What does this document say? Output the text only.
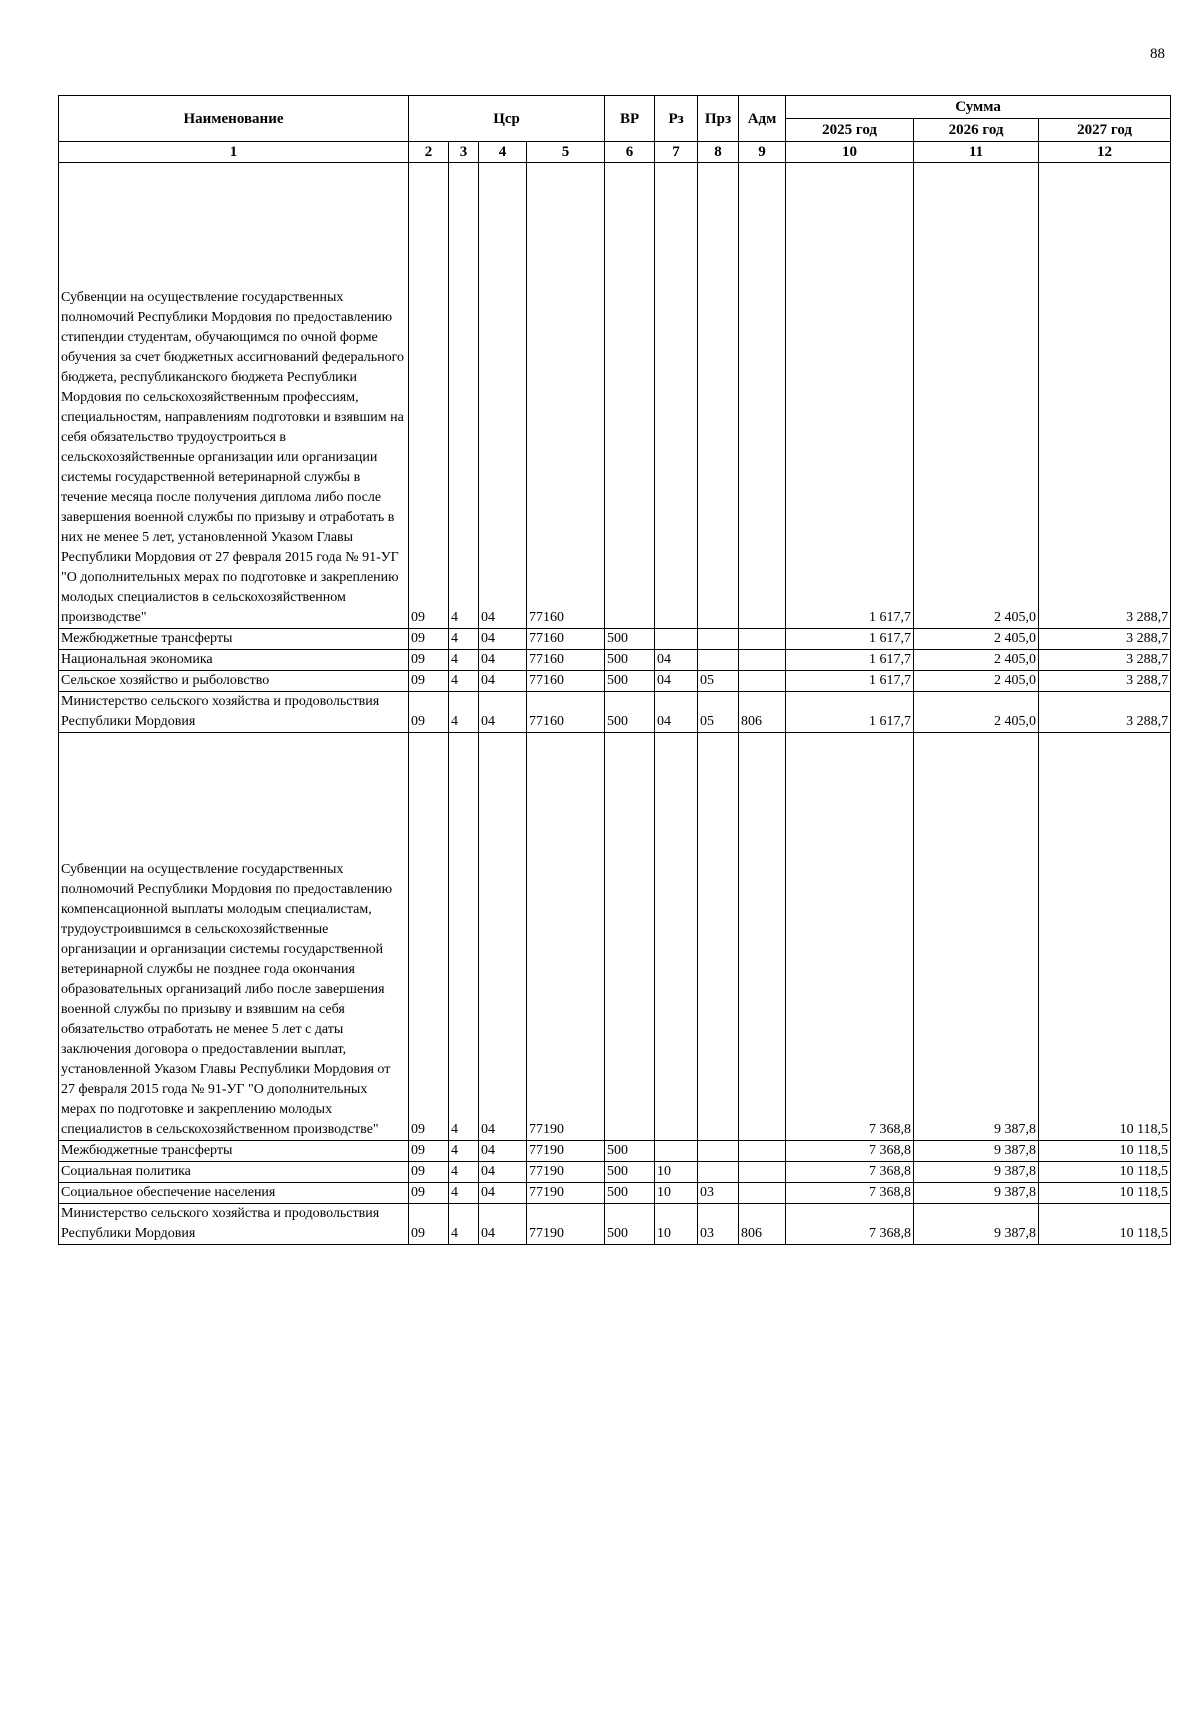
88
Наименование	Цср				ВР	Рз	Прз	Адм	Сумма		
									2025 год	2026 год	2027 год
1	2	3	4	5	6	7	8	9	10	11	12
Субвенции на осуществление государственных полномочий Республики Мордовия по предоставлению стипендии студентам, обучающимся по очной форме обучения за счет бюджетных ассигнований федерального бюджета, республиканского бюджета Республики Мордовия по сельскохозяйственным профессиям, специальностям, направлениям подготовки и взявшим на себя обязательство трудоустроиться в сельскохозяйственные организации или организации системы государственной ветеринарной службы в течение месяца после получения диплома либо после завершения военной службы по призыву и отработать в них не менее 5 лет, установленной Указом Главы Республики Мордовия от 27 февраля 2015 года № 91-УГ "О дополнительных мерах по подготовке и закреплению молодых специалистов в сельскохозяйственном производстве"	09	4	04	77160					1 617,7	2 405,0	3 288,7
Межбюджетные трансферты	09	4	04	77160	500				1 617,7	2 405,0	3 288,7
Национальная экономика	09	4	04	77160	500	04			1 617,7	2 405,0	3 288,7
Сельское хозяйство и рыболовство	09	4	04	77160	500	04	05		1 617,7	2 405,0	3 288,7
Министерство сельского хозяйства и продовольствия Республики Мордовия	09	4	04	77160	500	04	05	806	1 617,7	2 405,0	3 288,7
Субвенции на осуществление государственных полномочий Республики Мордовия по предоставлению компенсационной выплаты молодым специалистам, трудоустроившимся в сельскохозяйственные организации и организации системы государственной ветеринарной службы не позднее года окончания образовательных организаций либо после завершения военной службы по призыву и взявшим на себя обязательство отработать не менее 5 лет с даты заключения договора о предоставлении выплат, установленной Указом Главы Республики Мордовия от 27 февраля 2015 года № 91-УГ "О дополнительных мерах по подготовке и закреплению молодых специалистов в сельскохозяйственном производстве"	09	4	04	77190					7 368,8	9 387,8	10 118,5
Межбюджетные трансферты	09	4	04	77190	500				7 368,8	9 387,8	10 118,5
Социальная политика	09	4	04	77190	500	10			7 368,8	9 387,8	10 118,5
Социальное обеспечение населения	09	4	04	77190	500	10	03		7 368,8	9 387,8	10 118,5
Министерство сельского хозяйства и продовольствия Республики Мордовия	09	4	04	77190	500	10	03	806	7 368,8	9 387,8	10 118,5
